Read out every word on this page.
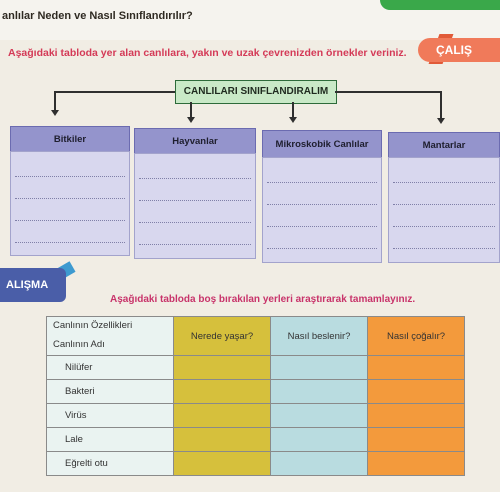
anlılar Neden ve Nasıl Sınıflandırılır?
ÇALIŞ
Aşağıdaki tabloda yer alan canlılara, yakın ve uzak çevrenizden örnekler veriniz.
CANLILARI SINIFLANDIRALIM
Bitkiler	Hayvanlar	Mikroskobik Canlılar	Mantarlar
ALIŞMA
Aşağıdaki tabloda boş bırakılan yerleri araştırarak tamamlayınız.
Canlının Özellikleri
Canlının Adı	Nerede yaşar?	Nasıl beslenir?	Nasıl çoğalır?
Nilüfer			
Bakteri			
Virüs			
Lale			
Eğrelti otu			
